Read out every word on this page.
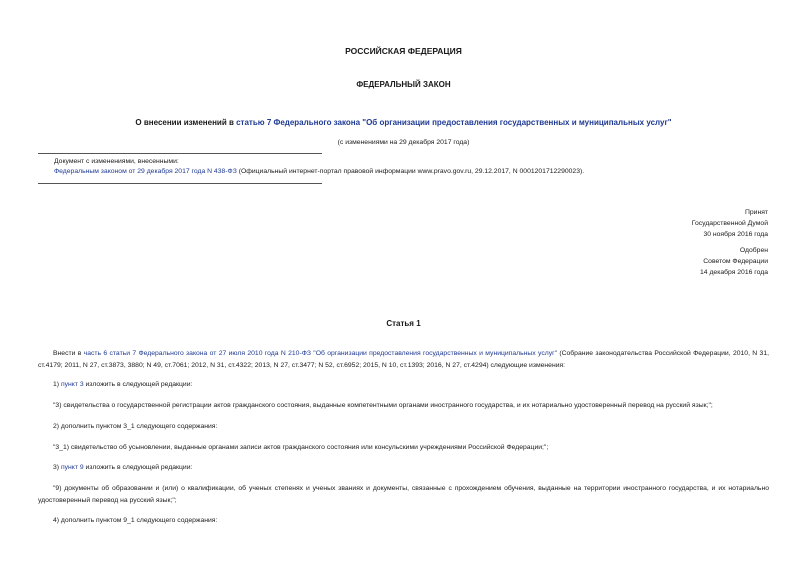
РОССИЙСКАЯ ФЕДЕРАЦИЯ
ФЕДЕРАЛЬНЫЙ ЗАКОН
О внесении изменений в статью 7 Федерального закона "Об организации предоставления государственных и муниципальных услуг"
(с изменениями на 29 декабря 2017 года)
Документ с изменениями, внесенными:
Федеральным законом от 29 декабря 2017 года N 438-ФЗ (Официальный интернет-портал правовой информации www.pravo.gov.ru, 29.12.2017, N 0001201712290023).
Принят
Государственной Думой
30 ноября 2016 года
Одобрен
Советом Федерации
14 декабря 2016 года
Статья 1
Внести в часть 6 статьи 7 Федерального закона от 27 июля 2010 года N 210-ФЗ "Об организации предоставления государственных и муниципальных услуг" (Собрание законодательства Российской Федерации, 2010, N 31, ст.4179; 2011, N 27, ст.3873, 3880; N 49, ст.7061; 2012, N 31, ст.4322; 2013, N 27, ст.3477; N 52, ст.6952; 2015, N 10, ст.1393; 2016, N 27, ст.4294) следующие изменения:
1) пункт 3 изложить в следующей редакции:
"3) свидетельства о государственной регистрации актов гражданского состояния, выданные компетентными органами иностранного государства, и их нотариально удостоверенный перевод на русский язык;";
2) дополнить пунктом 3_1 следующего содержания:
"3_1) свидетельство об усыновлении, выданные органами записи актов гражданского состояния или консульскими учреждениями Российской Федерации;";
3) пункт 9 изложить в следующей редакции:
"9) документы об образовании и (или) о квалификации, об ученых степенях и ученых званиях и документы, связанные с прохождением обучения, выданные на территории иностранного государства, и их нотариально удостоверенный перевод на русский язык;";
4) дополнить пунктом 9_1 следующего содержания:
